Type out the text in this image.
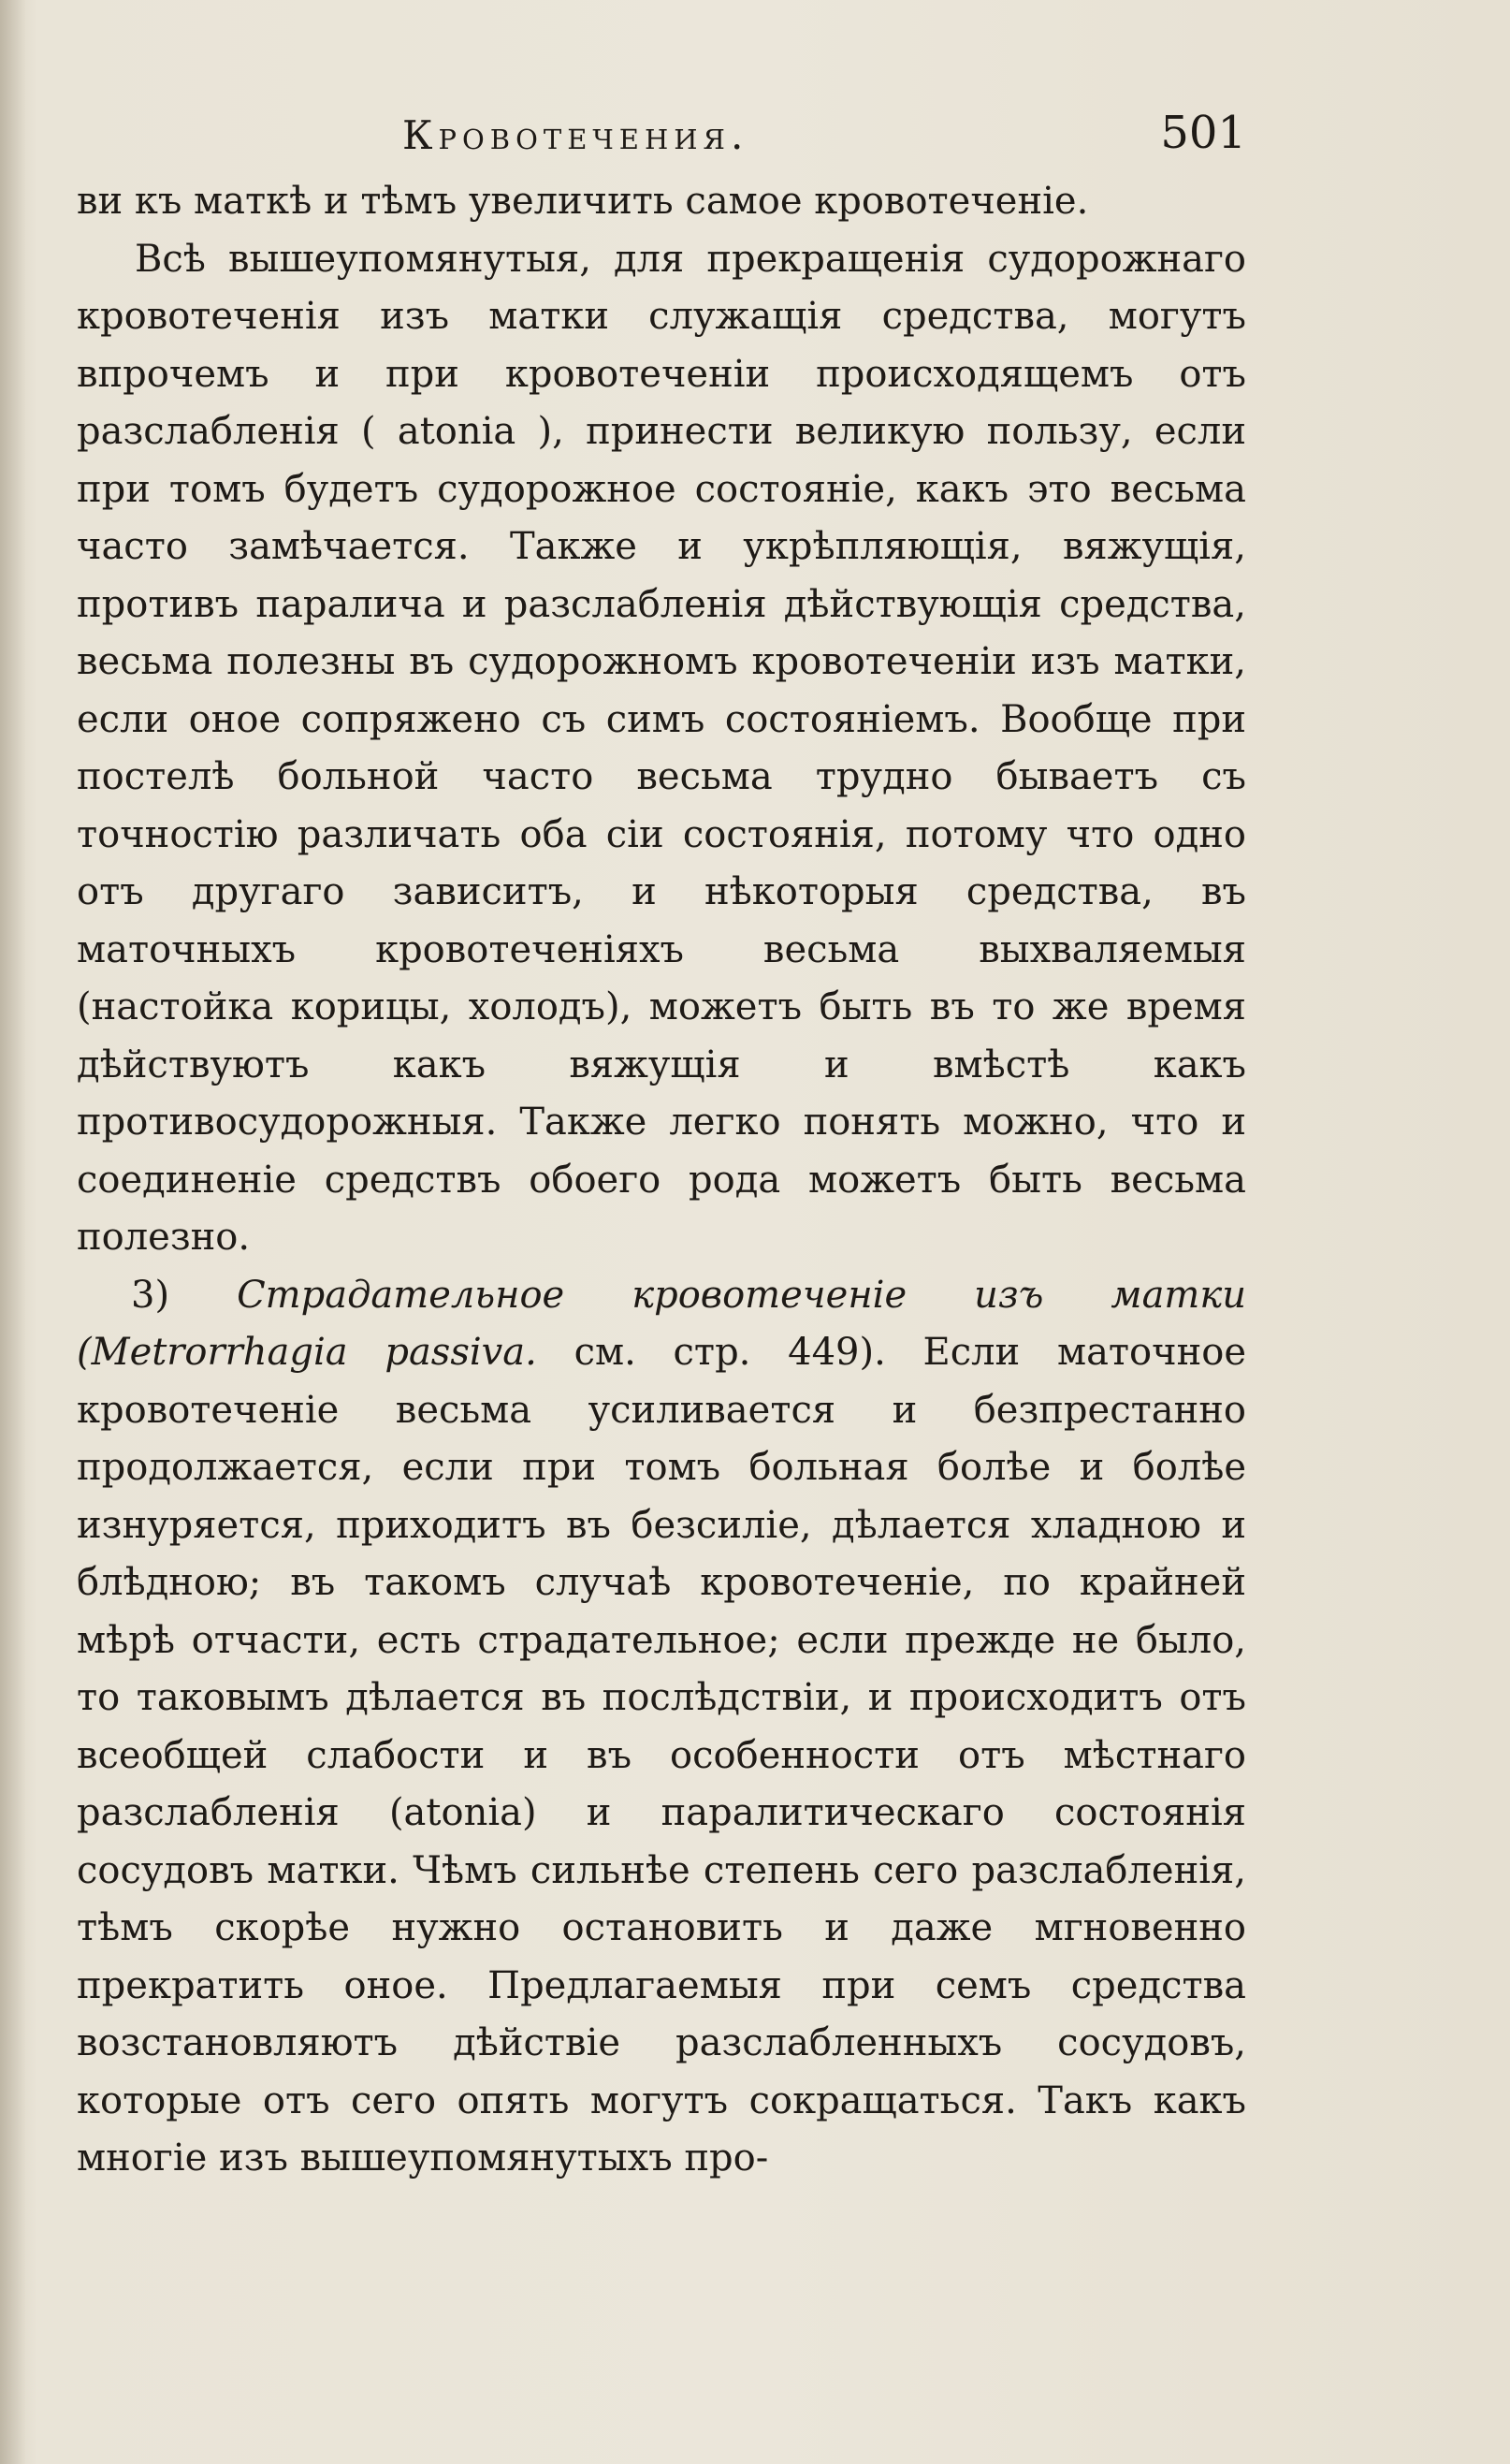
Кровотечения.	501

ви къ маткѣ и тѣмъ увеличить самое кровотеченіе.

Всѣ вышеупомянутыя, для прекращенія судорожнаго кровотеченія изъ матки служащія средства, могутъ впрочемъ и при кровотеченіи происходящемъ отъ разслабленія ( atonia ), принести великую пользу, если при томъ будетъ судорожное состояніе, какъ это весьма часто замѣчается. Также и укрѣпляющія, вяжущія, противъ паралича и разслабленія дѣйствующія средства, весьма полезны въ судорожномъ кровотеченіи изъ матки, если оное сопряжено съ симъ состояніемъ. Вообще при постелѣ больной часто весьма трудно бываетъ съ точностію различать оба сіи состоянія, потому что одно отъ другаго зависитъ, и нѣкоторыя средства, въ маточныхъ кровотеченіяхъ весьма выхваляемыя (настойка корицы, холодъ), можетъ быть въ то же время дѣйствуютъ какъ вяжущія и вмѣстѣ какъ противосудорожныя. Также легко понять можно, что и соединеніе средствъ обоего рода можетъ быть весьма полезно.

3) Страдательное кровотеченіе изъ матки (Metrorrhagia passiva. см. стр. 449). Если маточное кровотеченіе весьма усиливается и безпрестанно продолжается, если при томъ больная болѣе и болѣе изнуряется, приходитъ въ безсиліе, дѣлается хладною и блѣдною; въ такомъ случаѣ кровотеченіе, по крайней мѣрѣ отчасти, есть страдательное; если прежде не было, то таковымъ дѣлается въ послѣдствіи, и происходитъ отъ всеобщей слабости и въ особенности отъ мѣстнаго разслабленія (atonia) и паралитическаго состоянія сосудовъ матки. Чѣмъ сильнѣе степень сего разслабленія, тѣмъ скорѣе нужно остановить и даже мгновенно прекратить оное. Предлагаемыя при семъ средства возстановляютъ дѣйствіе разслабленныхъ сосудовъ, которые отъ сего опять могутъ сокращаться. Такъ какъ многіе изъ вышеупомянутыхъ про-
